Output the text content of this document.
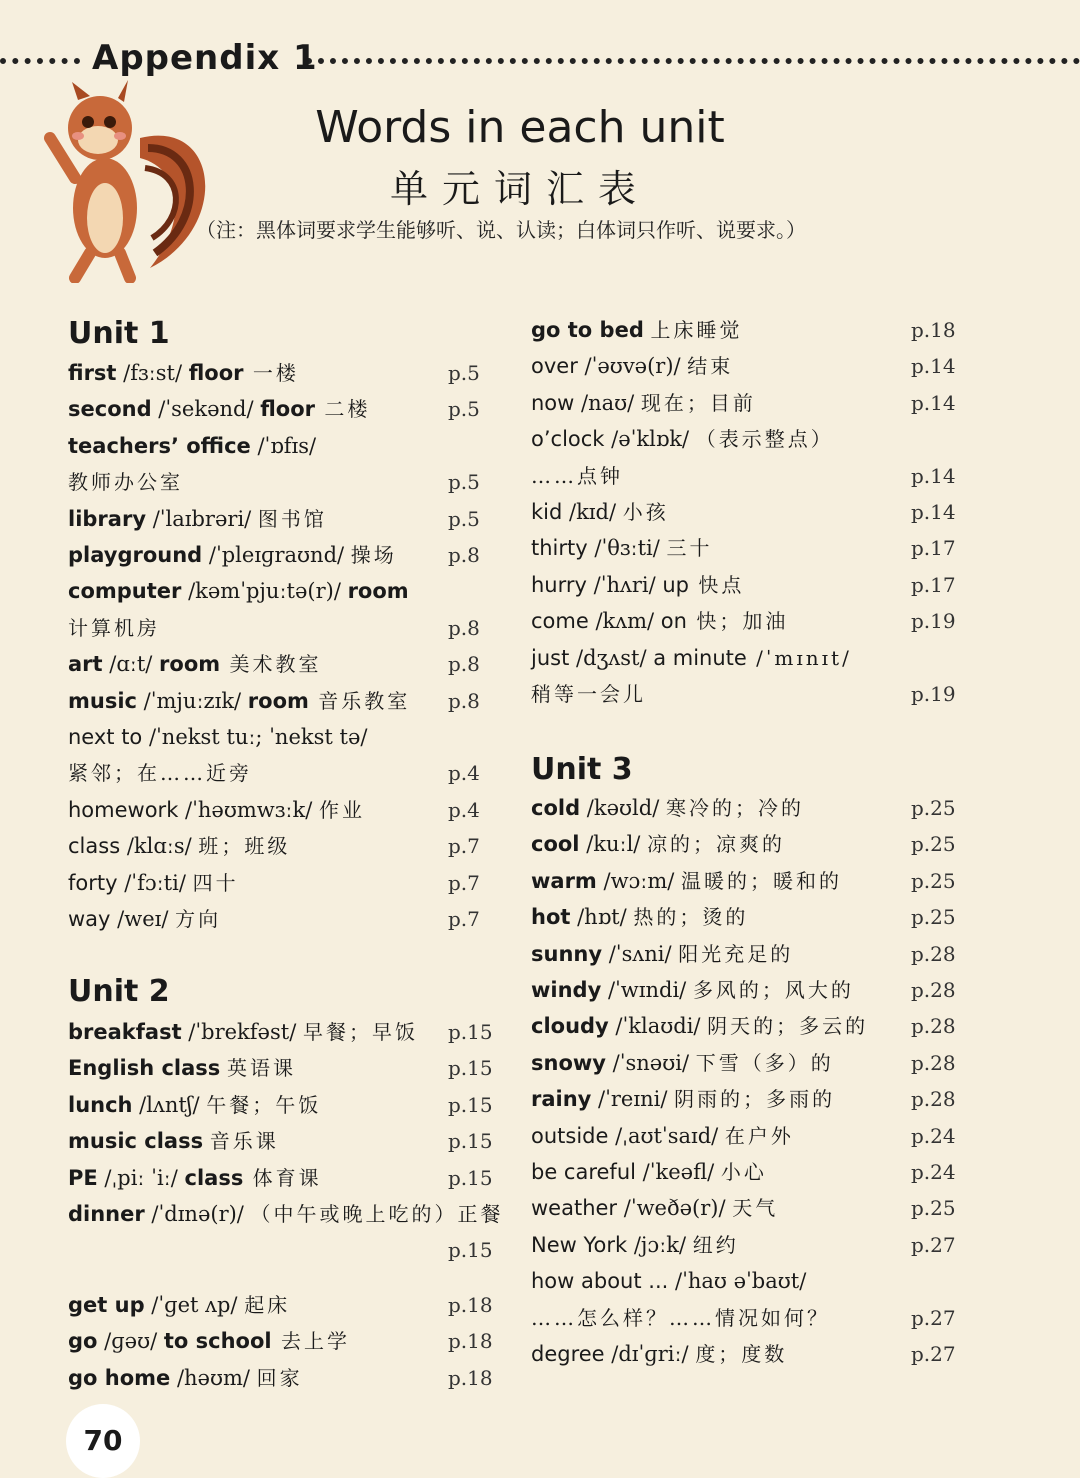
Appendix 1
Words in each unit
单元词汇表
（注：黑体词要求学生能够听、说、认读；白体词只作听、说要求。）
Unit 1
first /fɜːst/ floor 一楼	p.5
second /ˈsekənd/ floor 二楼	p.5
teachers’ office /ˈɒfɪs/
教师办公室	p.5
library /ˈlaɪbrəri/ 图书馆	p.5
playground /ˈpleɪɡraʊnd/ 操场	p.8
computer /kəmˈpjuːtə(r)/ room
计算机房	p.8
art /ɑːt/ room 美术教室	p.8
music /ˈmjuːzɪk/ room 音乐教室 p.8
next to /ˈnekst tuː; ˈnekst tə/
紧邻；在……近旁	p.4
homework /ˈhəʊmwɜːk/ 作业	p.4
class /klɑːs/ 班；班级	p.7
forty /ˈfɔːti/ 四十	p.7
way /weɪ/ 方向	p.7
Unit 2
breakfast /ˈbrekfəst/ 早餐；早饭 p.15
English class 英语课	p.15
lunch /lʌntʃ/ 午餐；午饭	p.15
music class 音乐课	p.15
PE /ˌpiː ˈiː/ class 体育课	p.15
dinner /ˈdɪnə(r)/ （中午或晚上吃的）正餐
p.15
get up /ˈɡet ʌp/ 起床	p.18
go /ɡəʊ/ to school 去上学	p.18
go home /həʊm/ 回家	p.18
go to bed 上床睡觉	p.18
over /ˈəʊvə(r)/ 结束	p.14
now /naʊ/ 现在；目前	p.14
o’clock /əˈklɒk/ （表示整点）
……点钟	p.14
kid /kɪd/ 小孩	p.14
thirty /ˈθɜːti/ 三十	p.17
hurry /ˈhʌri/ up 快点	p.17
come /kʌm/ on 快；加油	p.19
just /dʒʌst/ a minute /ˈmɪnɪt/
稍等一会儿	p.19
Unit 3
cold /kəʊld/ 寒冷的；冷的	p.25
cool /kuːl/ 凉的；凉爽的	p.25
warm /wɔːm/ 温暖的；暖和的	p.25
hot /hɒt/ 热的；烫的	p.25
sunny /ˈsʌni/ 阳光充足的	p.28
windy /ˈwɪndi/ 多风的；风大的	p.28
cloudy /ˈklaʊdi/ 阴天的；多云的 p.28
snowy /ˈsnəʊi/ 下雪（多）的	p.28
rainy /ˈreɪni/ 阴雨的；多雨的	p.28
outside /ˌaʊtˈsaɪd/ 在户外	p.24
be careful /ˈkeəfl/ 小心	p.24
weather /ˈweðə(r)/ 天气	p.25
New York /jɔːk/ 纽约	p.27
how about ... /ˈhaʊ əˈbaʊt/
……怎么样？……情况如何？	p.27
degree /dɪˈɡriː/ 度；度数	p.27
70
